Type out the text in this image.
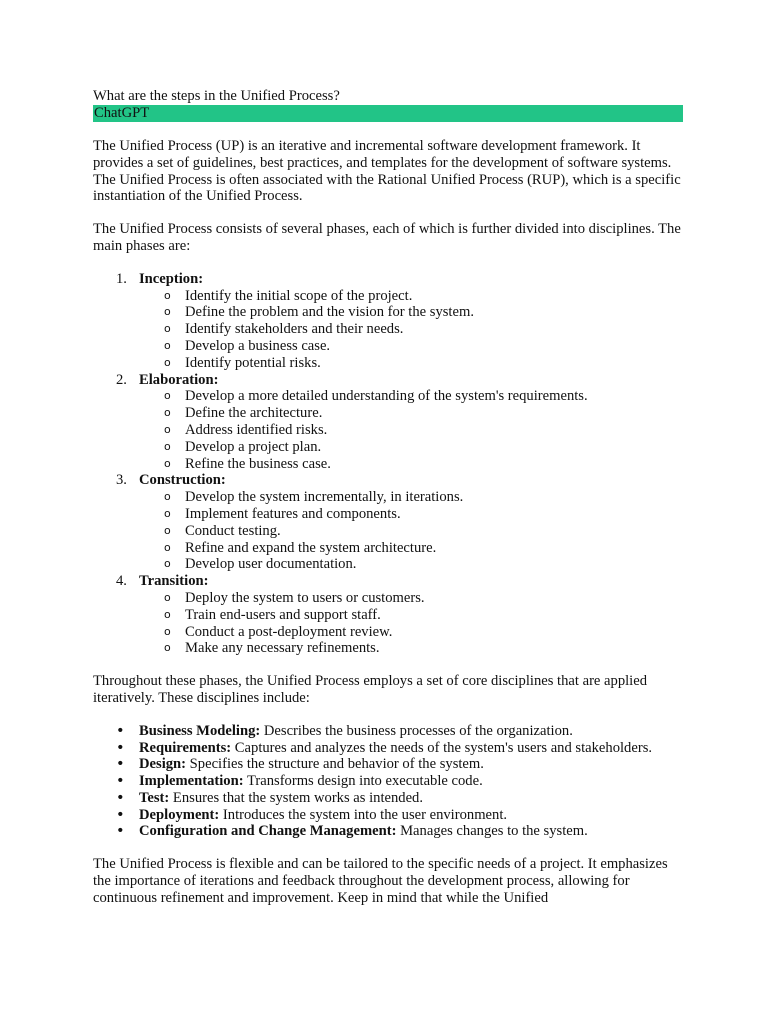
What are the steps in the Unified Process?
ChatGPT

The Unified Process (UP) is an iterative and incremental software development framework. It provides a set of guidelines, best practices, and templates for the development of software systems. The Unified Process is often associated with the Rational Unified Process (RUP), which is a specific instantiation of the Unified Process.

The Unified Process consists of several phases, each of which is further divided into disciplines. The main phases are:

1. Inception:
o Identify the initial scope of the project.
o Define the problem and the vision for the system.
o Identify stakeholders and their needs.
o Develop a business case.
o Identify potential risks.
2. Elaboration:
o Develop a more detailed understanding of the system's requirements.
o Define the architecture.
o Address identified risks.
o Develop a project plan.
o Refine the business case.
3. Construction:
o Develop the system incrementally, in iterations.
o Implement features and components.
o Conduct testing.
o Refine and expand the system architecture.
o Develop user documentation.
4. Transition:
o Deploy the system to users or customers.
o Train end-users and support staff.
o Conduct a post-deployment review.
o Make any necessary refinements.

Throughout these phases, the Unified Process employs a set of core disciplines that are applied iteratively. These disciplines include:

• Business Modeling: Describes the business processes of the organization.
• Requirements: Captures and analyzes the needs of the system's users and stakeholders.
• Design: Specifies the structure and behavior of the system.
• Implementation: Transforms design into executable code.
• Test: Ensures that the system works as intended.
• Deployment: Introduces the system into the user environment.
• Configuration and Change Management: Manages changes to the system.

The Unified Process is flexible and can be tailored to the specific needs of a project. It emphasizes the importance of iterations and feedback throughout the development process, allowing for continuous refinement and improvement. Keep in mind that while the Unified
